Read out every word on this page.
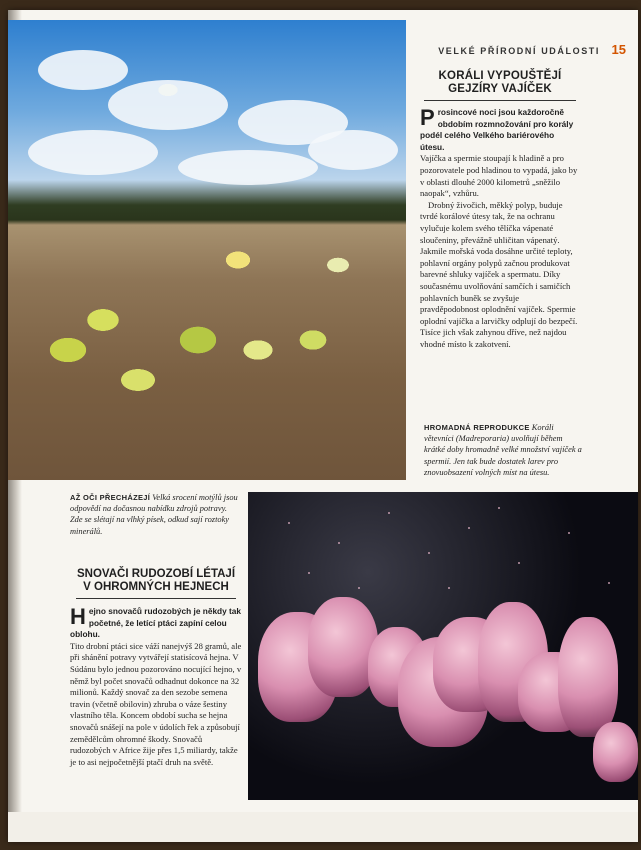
VELKÉ PŘÍRODNÍ UDÁLOSTI 15
KORÁLI VYPOUŠTĚJÍ GEJZÍRY VAJÍČEK

Prosincové noci jsou každoročně obdobím rozmnožování pro korály podél celého Velkého bariérového útesu.

Vajíčka a spermie stoupají k hladině a pro pozorovatele pod hladinou to vypadá, jako by v oblasti dlouhé 2000 kilometrů „sněžilo naopak“, vzhůru.

Drobný živočich, měkký polyp, buduje tvrdé korálové útesy tak, že na ochranu vylučuje kolem svého tělíčka vápenaté sloučeniny, převážně uhličitan vápenatý. Jakmile mořská voda dosáhne určité teploty, pohlavní orgány polypů začnou produkovat barevné shluky vajíček a spermatu. Díky současnému uvolňování samčích i samičích pohlavních buněk se zvyšuje pravděpodobnost oplodnění vajíček. Spermie oplodní vajíčka a larvičky odplují do bezpečí. Tisíce jich však zahynou dříve, než najdou vhodné místo k zakotvení.

HROMADNÁ REPRODUKCE Koráli větevníci (Madreporaria) uvolňují během krátké doby hromadně velké množství vajíček a spermií. Jen tak bude dostatek larev pro znovuobsazení volných míst na útesu.
AŽ OČI PŘECHÁZEJÍ Velká srocení motýlů jsou odpovědí na dočasnou nabídku zdrojů potravy. Zde se slétají na vlhký písek, odkud sají roztoky minerálů.
SNOVAČI RUDOZOBÍ LÉTAJÍ V OHROMNÝCH HEJNECH

Hejno snovačů rudozobých je někdy tak početné, že letící ptáci zapíní celou oblohu.

Tito drobní ptáci sice váží nanejvýš 28 gramů, ale při shánění potravy vytvářejí statisícová hejna. V Súdánu bylo jednou pozorováno nocující hejno, v němž byl počet snovačů odhadnut dokonce na 32 milionů. Každý snovač za den sezobe semena travin (včetně obilovin) zhruba o váze šestiny vlastního těla. Koncem období sucha se hejna snovačů snášejí na pole v údolích řek a způsobují zemědělcům ohromné škody. Snovačů rudozobých v Africe žije přes 1,5 miliardy, takže je to asi nejpočetnější ptačí druh na světě.
